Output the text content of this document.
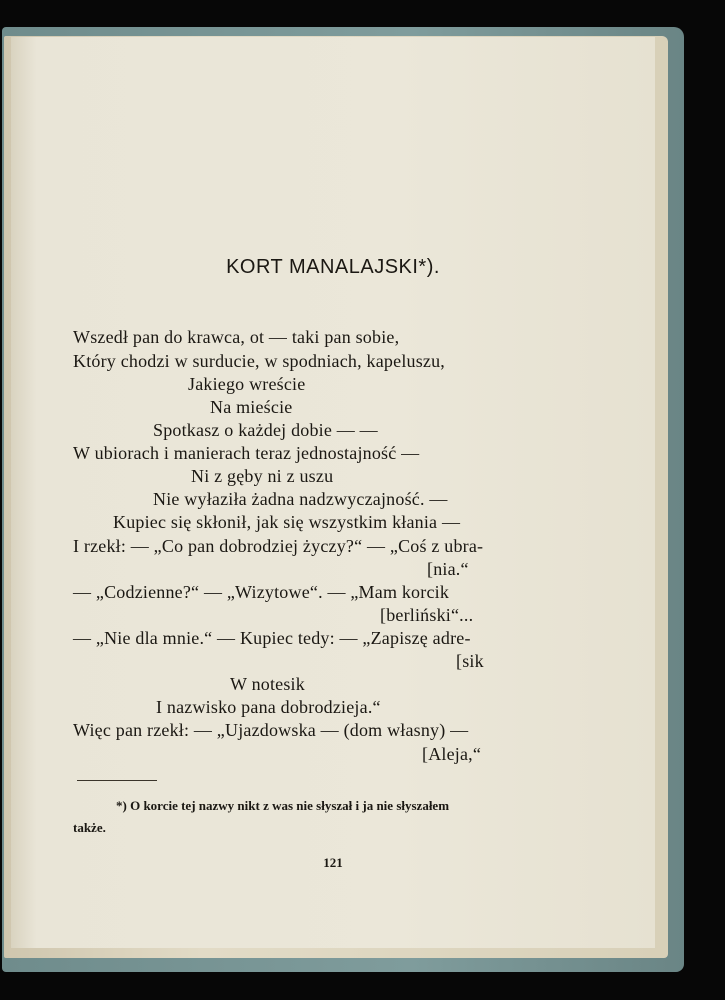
KORT MANALAJSKI*).
Wszedł pan do krawca, ot — taki pan sobie,
Który chodzi w surducie, w spodniach, kapeluszu,
Jakiego wreście
Na mieście
Spotkasz o każdej dobie — —
W ubiorach i manierach teraz jednostajność —
Ni z gęby ni z uszu
Nie wyłaziła żadna nadzwyczajność. —
Kupiec się skłonił, jak się wszystkim kłania —
I rzekł: — „Co pan dobrodziej życzy?“ — „Coś z ubra-
[nia.“
— „Codzienne?“ — „Wizytowe“. — „Mam korcik
[berliński“...
— „Nie dla mnie.“ — Kupiec tedy: — „Zapiszę adre-
[sik
W notesik
I nazwisko pana dobrodzieja.“
Więc pan rzekł: — „Ujazdowska — (dom własny) —
[Aleja,“
*) O korcie tej nazwy nikt z was nie słyszał i ja nie słyszałem
także.
121
